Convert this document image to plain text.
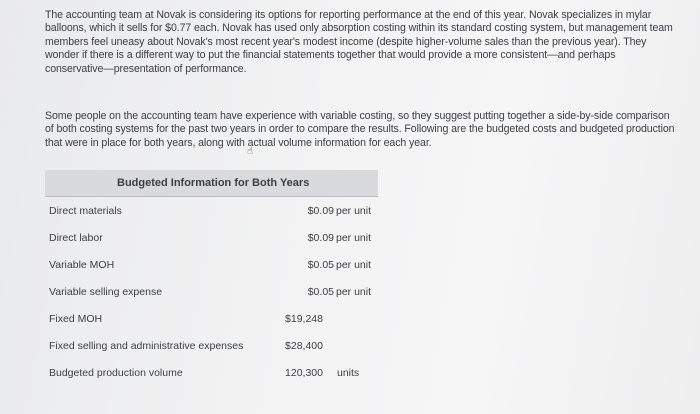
The accounting team at Novak is considering its options for reporting performance at the end of this year. Novak specializes in mylar balloons, which it sells for $0.77 each. Novak has used only absorption costing within its standard costing system, but management team members feel uneasy about Novak's most recent year's modest income (despite higher-volume sales than the previous year). They wonder if there is a different way to put the financial statements together that would provide a more consistent—and perhaps conservative—presentation of performance.
Some people on the accounting team have experience with variable costing, so they suggest putting together a side-by-side comparison of both costing systems for the past two years in order to compare the results. Following are the budgeted costs and budgeted production that were in place for both years, along with actual volume information for each year.
☝
Budgeted Information for Both Years
Direct materials	$0.09 per unit
Direct labor	$0.09 per unit
Variable MOH	$0.05 per unit
Variable selling expense	$0.05 per unit
Fixed MOH	$19,248
Fixed selling and administrative expenses	$28,400
Budgeted production volume	120,300 units
